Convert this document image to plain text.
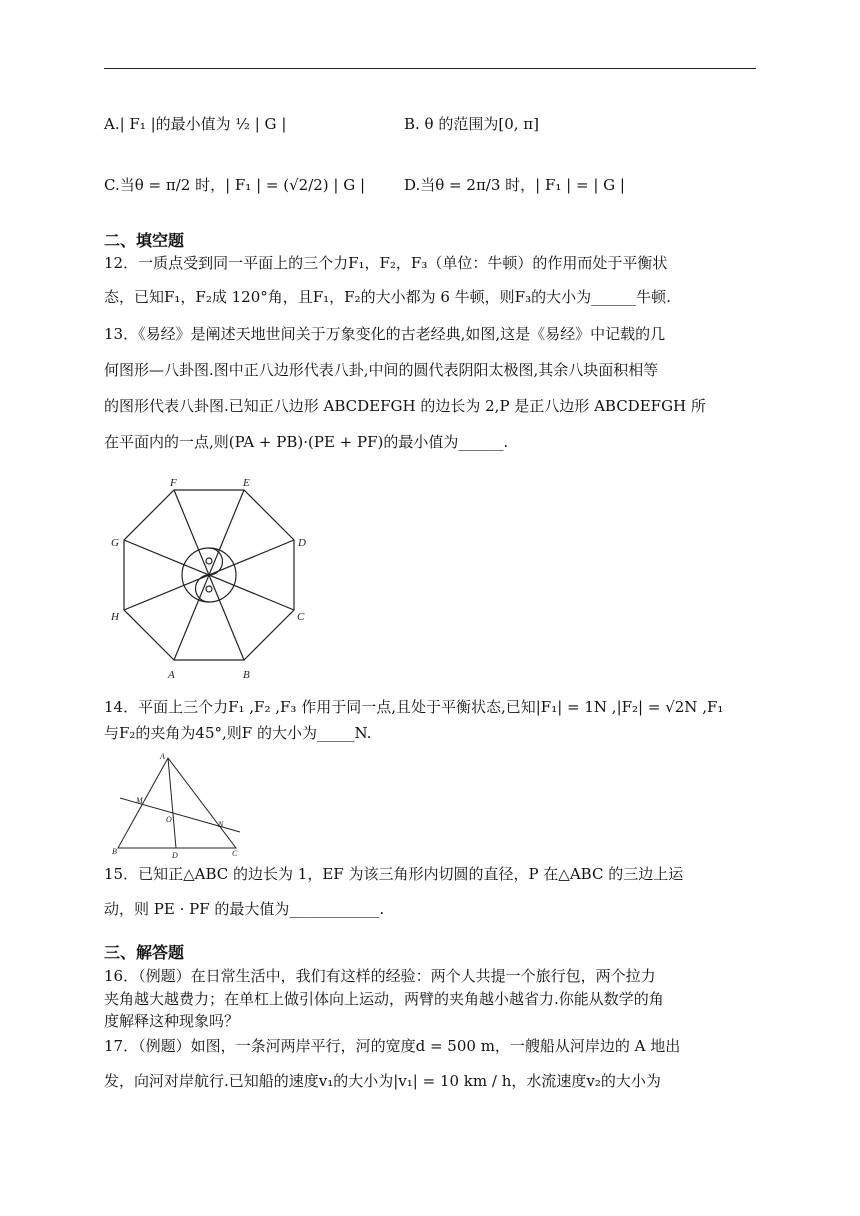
A.| F₁ |的最小值为 ½ | G |	B. θ 的范围为[0, π]
C.当θ = π/2 时，| F₁ | = (√2/2) | G |	D.当θ = 2π/3 时，| F₁ | = | G |
二、填空题
12．一质点受到同一平面上的三个力F₁，F₂，F₃（单位：牛顿）的作用而处于平衡状
态，已知F₁，F₂成 120°角，且F₁，F₂的大小都为 6 牛顿，则F₃的大小为______牛顿.
13．《易经》是阐述天地世间关于万象变化的古老经典,如图,这是《易经》中记载的几
何图形—八卦图.图中正八边形代表八卦,中间的圆代表阴阳太极图,其余八块面积相等
的图形代表八卦图.已知正八边形 ABCDEFGH 的边长为 2,P 是正八边形 ABCDEFGH 所
在平面内的一点,则(PA + PB)·(PE + PF)的最小值为______.
A	B
C
D
E
F
G
H
14．平面上三个力F₁ ,F₂ ,F₃ 作用于同一点,且处于平衡状态,已知|F₁| = 1N ,|F₂| = √2N ,F₁
与F₂的夹角为45°,则F 的大小为_____N.
A
M
N
O
B	D	C
15．已知正△ABC 的边长为 1，EF 为该三角形内切圆的直径，P 在△ABC 的三边上运
动，则 PE · PF 的最大值为____________.
三、解答题
16．（例题）在日常生活中，我们有这样的经验：两个人共提一个旅行包，两个拉力
夹角越大越费力；在单杠上做引体向上运动，两臂的夹角越小越省力.你能从数学的角
度解释这种现象吗？
17．（例题）如图，一条河两岸平行，河的宽度d = 500 m，一艘船从河岸边的 A 地出
发，向河对岸航行.已知船的速度v₁的大小为|v₁| = 10 km / h，水流速度v₂的大小为
